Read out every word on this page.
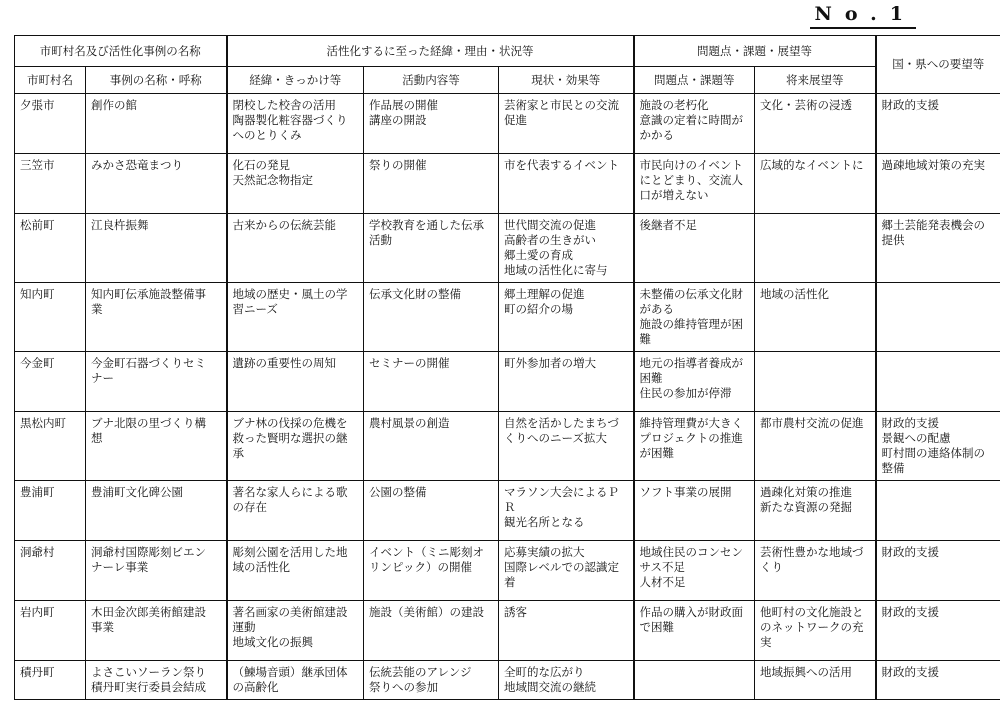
No.1
市町村名及び活性化事例の名称		活性化するに至った経緯・理由・状況等			問題点・課題・展望等		国・県への要望等
市町村名	事例の名称・呼称	経緯・きっかけ等	活動内容等	現状・効果等	問題点・課題等	将来展望等	

夕張市	創作の館	閉校した校舎の活用
陶器製化粧容器づくり
へのとりくみ	作品展の開催
講座の開設	芸術家と市民との交流
促進	施設の老朽化
意識の定着に時間が
かかる	文化・芸術の浸透	財政的支援

三笠市	みかさ恐竜まつり	化石の発見
天然記念物指定	祭りの開催	市を代表するイベント	市民向けのイベント
にとどまり、交流人
口が増えない	広域的なイベントに	過疎地域対策の充実

松前町	江良杵振舞	古来からの伝統芸能	学校教育を通した伝承
活動	世代間交流の促進
高齢者の生きがい
郷土愛の育成
地域の活性化に寄与	後継者不足		郷土芸能発表機会の
提供

知内町	知内町伝承施設整備事
業	地域の歴史・風土の学
習ニーズ	伝承文化財の整備	郷土理解の促進
町の紹介の場	未整備の伝承文化財
がある
施設の維持管理が困
難	地域の活性化	

今金町	今金町石器づくりセミ
ナー	遺跡の重要性の周知	セミナーの開催	町外参加者の増大	地元の指導者養成が
困難
住民の参加が停滞		

黒松内町	ブナ北限の里づくり構
想	ブナ林の伐採の危機を
救った賢明な選択の継
承	農村風景の創造	自然を活かしたまちづ
くりへのニーズ拡大	維持管理費が大きく
プロジェクトの推進
が困難	都市農村交流の促進	財政的支援
景観への配慮
町村間の連絡体制の
整備

豊浦町	豊浦町文化碑公園	著名な家人らによる歌
の存在	公園の整備	マラソン大会によるＰ
Ｒ
観光名所となる	ソフト事業の展開	過疎化対策の推進
新たな資源の発掘	

洞爺村	洞爺村国際彫刻ビエン
ナーレ事業	彫刻公園を活用した地
域の活性化	イベント（ミニ彫刻オ
リンピック）の開催	応募実績の拡大
国際レベルでの認識定
着	地域住民のコンセン
サス不足
人材不足	芸術性豊かな地域づ
くり	財政的支援

岩内町	木田金次郎美術館建設
事業	著名画家の美術館建設
運動
地域文化の振興	施設（美術館）の建設	誘客	作品の購入が財政面
で困難	他町村の文化施設と
のネットワークの充
実	財政的支援

積丹町	よさこいソーラン祭り
積丹町実行委員会結成	（鰊場音頭）継承団体
の高齢化	伝統芸能のアレンジ
祭りへの参加	全町的な広がり
地域間交流の継続		地域振興への活用	財政的支援
